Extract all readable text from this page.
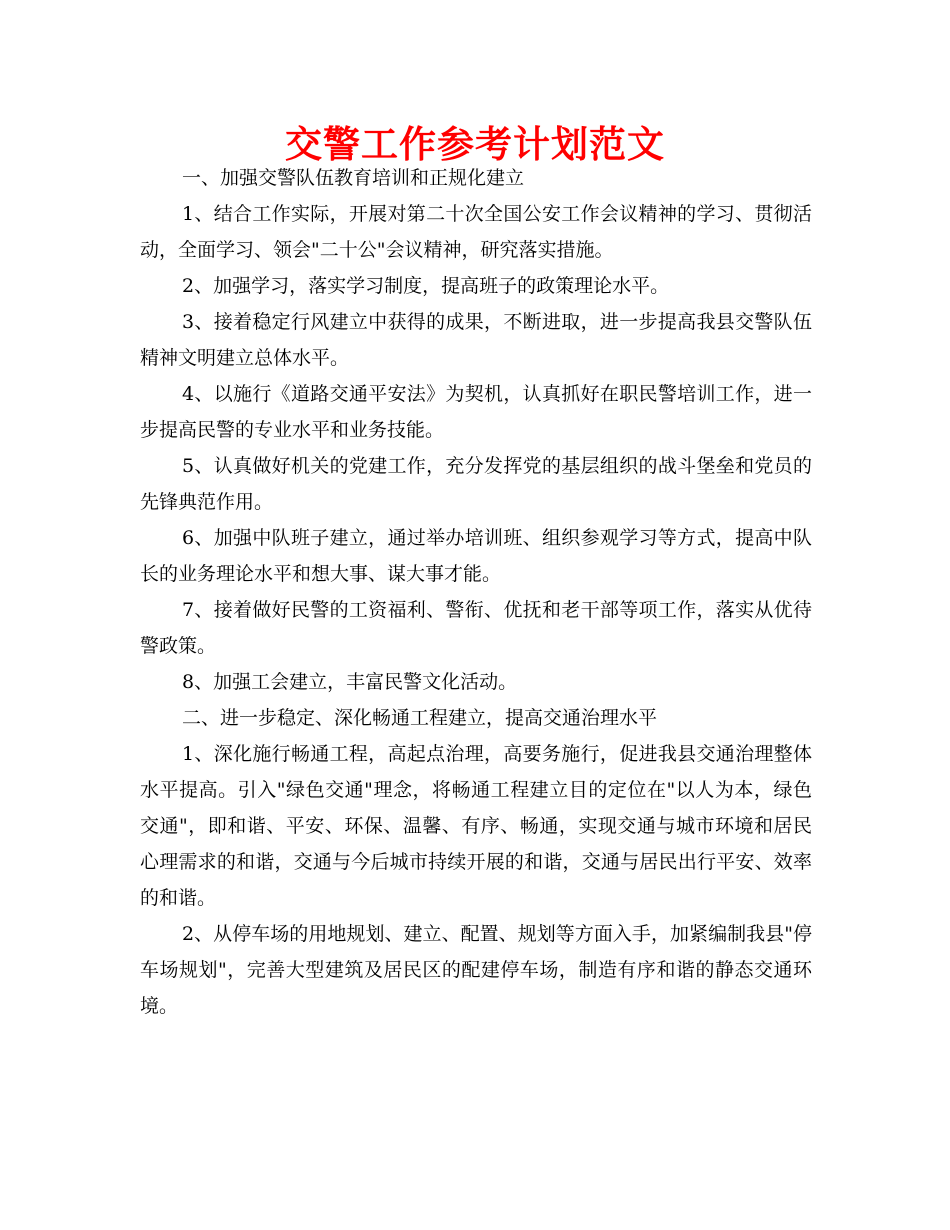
交警工作参考计划范文

一、加强交警队伍教育培训和正规化建立

1、结合工作实际，开展对第二十次全国公安工作会议精神的学习、贯彻活动，全面学习、领会"二十公"会议精神，研究落实措施。

2、加强学习，落实学习制度，提高班子的政策理论水平。

3、接着稳定行风建立中获得的成果，不断进取，进一步提高我县交警队伍精神文明建立总体水平。

4、以施行《道路交通平安法》为契机，认真抓好在职民警培训工作，进一步提高民警的专业水平和业务技能。

5、认真做好机关的党建工作，充分发挥党的基层组织的战斗堡垒和党员的先锋典范作用。

6、加强中队班子建立，通过举办培训班、组织参观学习等方式，提高中队长的业务理论水平和想大事、谋大事才能。

7、接着做好民警的工资福利、警衔、优抚和老干部等项工作，落实从优待警政策。

8、加强工会建立，丰富民警文化活动。

二、进一步稳定、深化畅通工程建立，提高交通治理水平

1、深化施行畅通工程，高起点治理，高要务施行，促进我县交通治理整体水平提高。引入"绿色交通"理念，将畅通工程建立目的定位在"以人为本，绿色交通"，即和谐、平安、环保、温馨、有序、畅通，实现交通与城市环境和居民心理需求的和谐，交通与今后城市持续开展的和谐，交通与居民出行平安、效率的和谐。

2、从停车场的用地规划、建立、配置、规划等方面入手，加紧编制我县"停车场规划"，完善大型建筑及居民区的配建停车场，制造有序和谐的静态交通环境。
